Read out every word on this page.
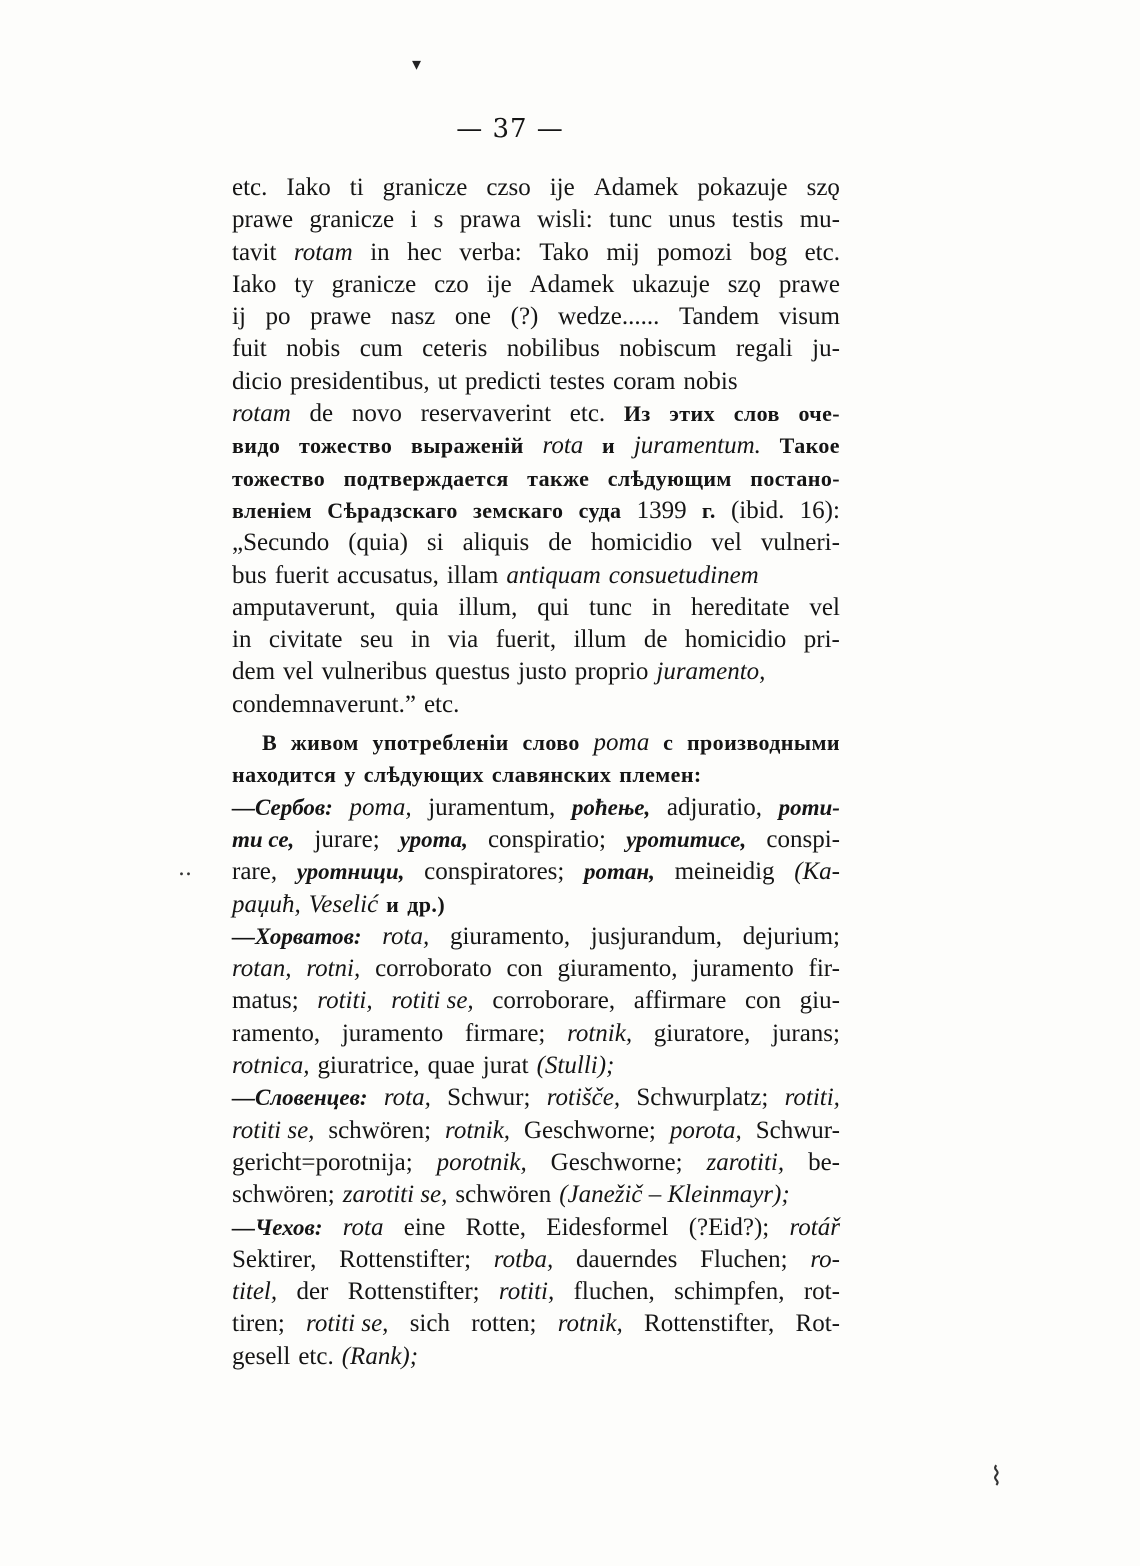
▾
— 37 —
etc. Iako ti granicze czso ije Adamek pokazuje szǫ
prawe granicze i s prawa wisli: tunc unus testis mu-
tavit rotam in hec verba: Tako mij pomozi bog etc.
Iako ty granicze czo ije Adamek ukazuje szǫ prawe
ij po prawe nasz one (?) wedze...... Tandem visum
fuit nobis cum ceteris nobilibus nobiscum regali ju-
dicio presidentibus, ut predicti testes coram nobis
rotam de novo reservaverint etc. Из этих слов оче-
видо тожество выраженій rota и juramentum. Такое
тожество подтверждается также слѣдующим постано-
вленіем Сѣрадзскаго земскаго суда 1399 г. (ibid. 16):
„Secundo (quia) si aliquis de homicidio vel vulneri-
bus fuerit accusatus, illam antiquam consuetudinem
amputaverunt, quia illum, qui tunc in hereditate vel
in civitate seu in via fuerit, illum de homicidio pri-
dem vel vulneribus questus justo proprio juramento,
condemnaverunt.” etc.
В живом употребленіи слово рота с производными
находится у слѣдующих славянских племен:
—Сербов: рота, juramentum, роћење, adjuratio, роти-
ти се, jurare; урота, conspiratio; уротитисе, conspi-
rare, уротници, conspiratores; ротан, meineidig (Ка-
раџић, Veselić и др.)
—Хорватов: rota, giuramento, jusjurandum, dejurium;
rotan, rotni, corroborato con giuramento, juramento fir-
matus; rotiti, rotiti se, corroborare, affirmare con giu-
ramento, juramento firmare; rotnik, giuratore, jurans;
rotnica, giuratrice, quae jurat (Stulli);
—Словенцев: rota, Schwur; rotišče, Schwurplatz; rotiti,
rotiti se, schwören; rotnik, Geschworne; porota, Schwur-
gericht=porotnija; porotnik, Geschworne; zarotiti, be-
schwören; zarotiti se, schwören (Janežič – Kleinmayr);
—Чехов: rota eine Rotte, Eidesformel (?Eid?); rotář
Sektirer, Rottenstifter; rotba, dauerndes Fluchen; ro-
titel, der Rottenstifter; rotiti, fluchen, schimpfen, rot-
tiren; rotiti se, sich rotten; rotnik, Rottenstifter, Rot-
gesell etc. (Rank);
..
⌇
